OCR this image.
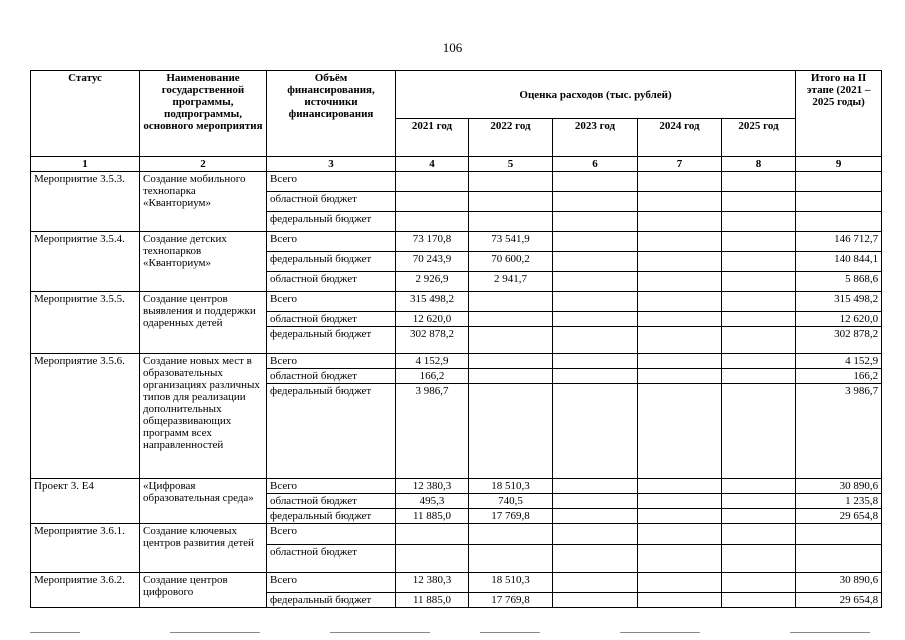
106
Статус	Наименование государственной программы, подпрограммы, основного мероприятия	Объём финансирования, источники финансирования	Оценка расходов (тыс. рублей)					Итого на II этапе (2021 – 2025 годы)
			2021 год	2022 год	2023 год	2024 год	2025 год	
1	2	3	4	5	6	7	8	9
Мероприятие 3.5.3.	Создание мобильного технопарка «Кванториум»	Всего						
		областной бюджет						
		федеральный бюджет						
Мероприятие 3.5.4.	Создание детских технопарков «Кванториум»	Всего	73 170,8	73 541,9				146 712,7
		федеральный бюджет	70 243,9	70 600,2				140 844,1
		областной бюджет	2 926,9	2 941,7				5 868,6
Мероприятие 3.5.5.	Создание центров выявления и поддержки одаренных детей	Всего	315 498,2					315 498,2
		областной бюджет	12 620,0					12 620,0
		федеральный бюджет	302 878,2					302 878,2
Мероприятие 3.5.6.	Создание новых мест в образовательных организациях различных типов для реализации дополнительных общеразвивающих программ всех направленностей	Всего	4 152,9					4 152,9
		областной бюджет	166,2					166,2
		федеральный бюджет	3 986,7					3 986,7
Проект 3. Е4	«Цифровая образовательная среда»	Всего	12 380,3	18 510,3				30 890,6
		областной бюджет	495,3	740,5				1 235,8
		федеральный бюджет	11 885,0	17 769,8				29 654,8
Мероприятие 3.6.1.	Создание ключевых центров развития детей	Всего						
		областной бюджет						
Мероприятие 3.6.2.	Создание центров цифрового	Всего	12 380,3	18 510,3				30 890,6
		федеральный бюджет	11 885,0	17 769,8				29 654,8
